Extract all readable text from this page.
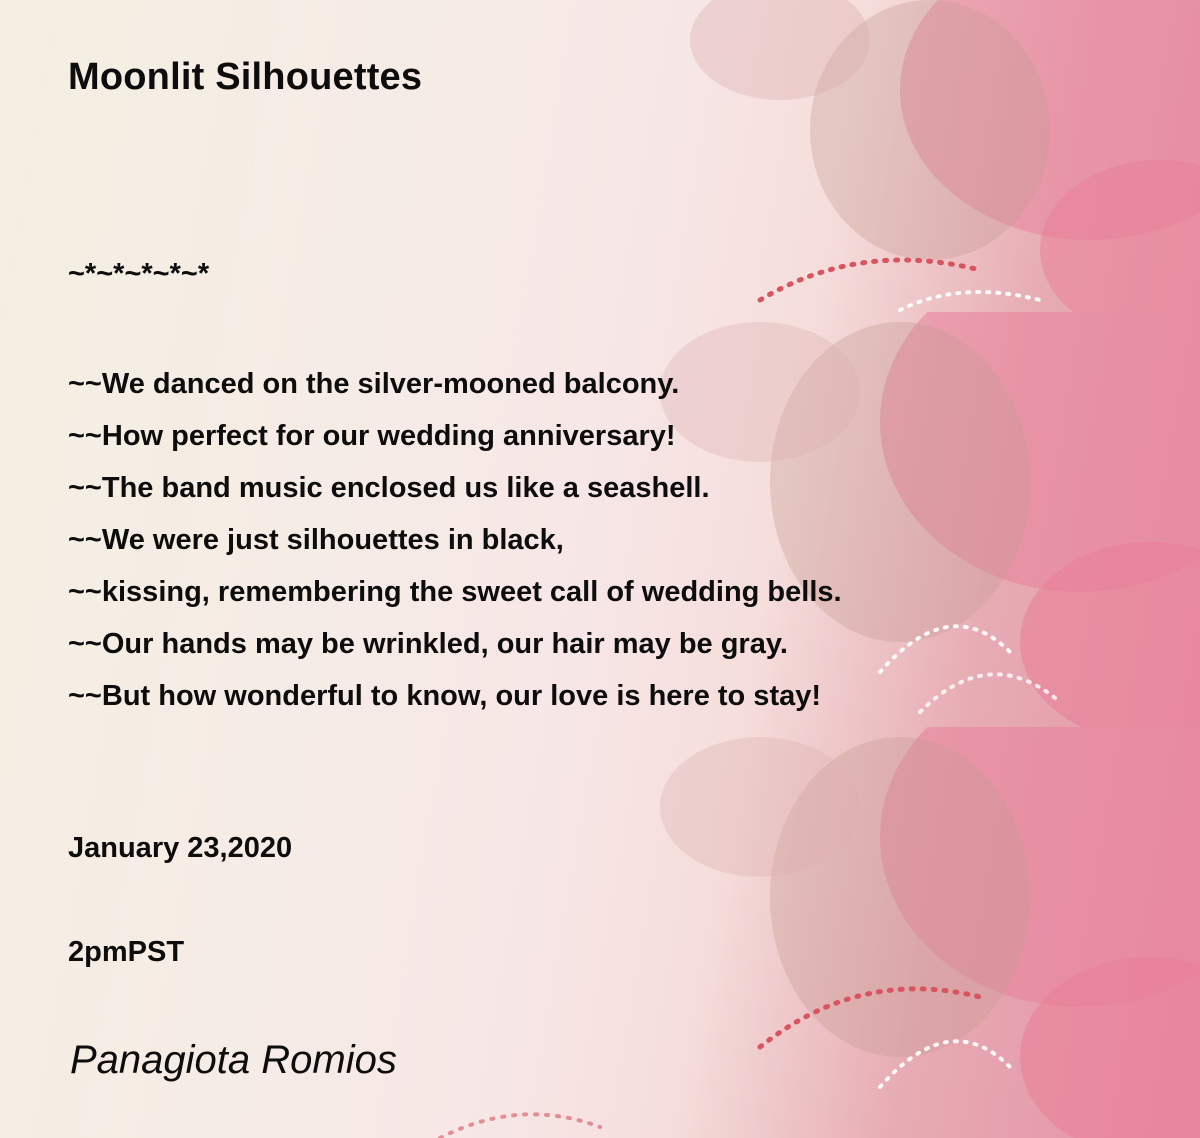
Moonlit Silhouettes

~*~*~*~*~*

~~We danced on the silver-mooned balcony.
~~How perfect for our wedding anniversary!
~~The band music enclosed us like a seashell.
~~We were just silhouettes in black,
~~kissing, remembering the sweet call of wedding bells.
~~Our hands may be wrinkled, our hair may be gray.
~~But how wonderful to know, our love is here to stay!

January 23,2020

2pmPST

Panagiota Romios
